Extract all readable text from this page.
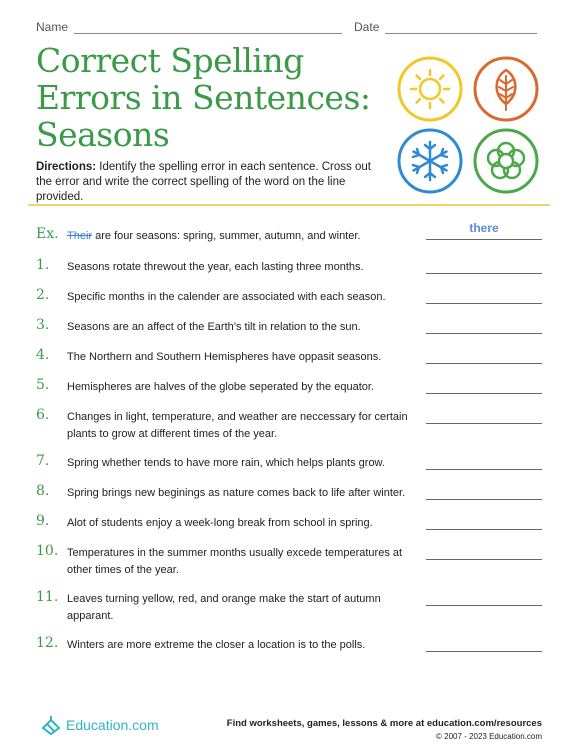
Name	Date
Correct Spelling
Errors in Sentences:
Seasons
Directions: Identify the spelling error in each sentence. Cross out the error and write the correct spelling of the word on the line provided.
Ex. Their are four seasons: spring, summer, autumn, and winter.
there
1. Seasons rotate threwout the year, each lasting three months.
2. Specific months in the calender are associated with each season.
3. Seasons are an affect of the Earth’s tilt in relation to the sun.
4. The Northern and Southern Hemispheres have oppasit seasons.
5. Hemispheres are halves of the globe seperated by the equator.
6. Changes in light, temperature, and weather are neccessary for certain plants to grow at different times of the year.
7. Spring whether tends to have more rain, which helps plants grow.
8. Spring brings new beginings as nature comes back to life after winter.
9. Alot of students enjoy a week-long break from school in spring.
10. Temperatures in the summer months usually excede temperatures at other times of the year.
11. Leaves turning yellow, red, and orange make the start of autumn apparant.
12. Winters are more extreme the closer a location is to the polls.
Education.com	Find worksheets, games, lessons & more at education.com/resources
© 2007 - 2023 Education.com
